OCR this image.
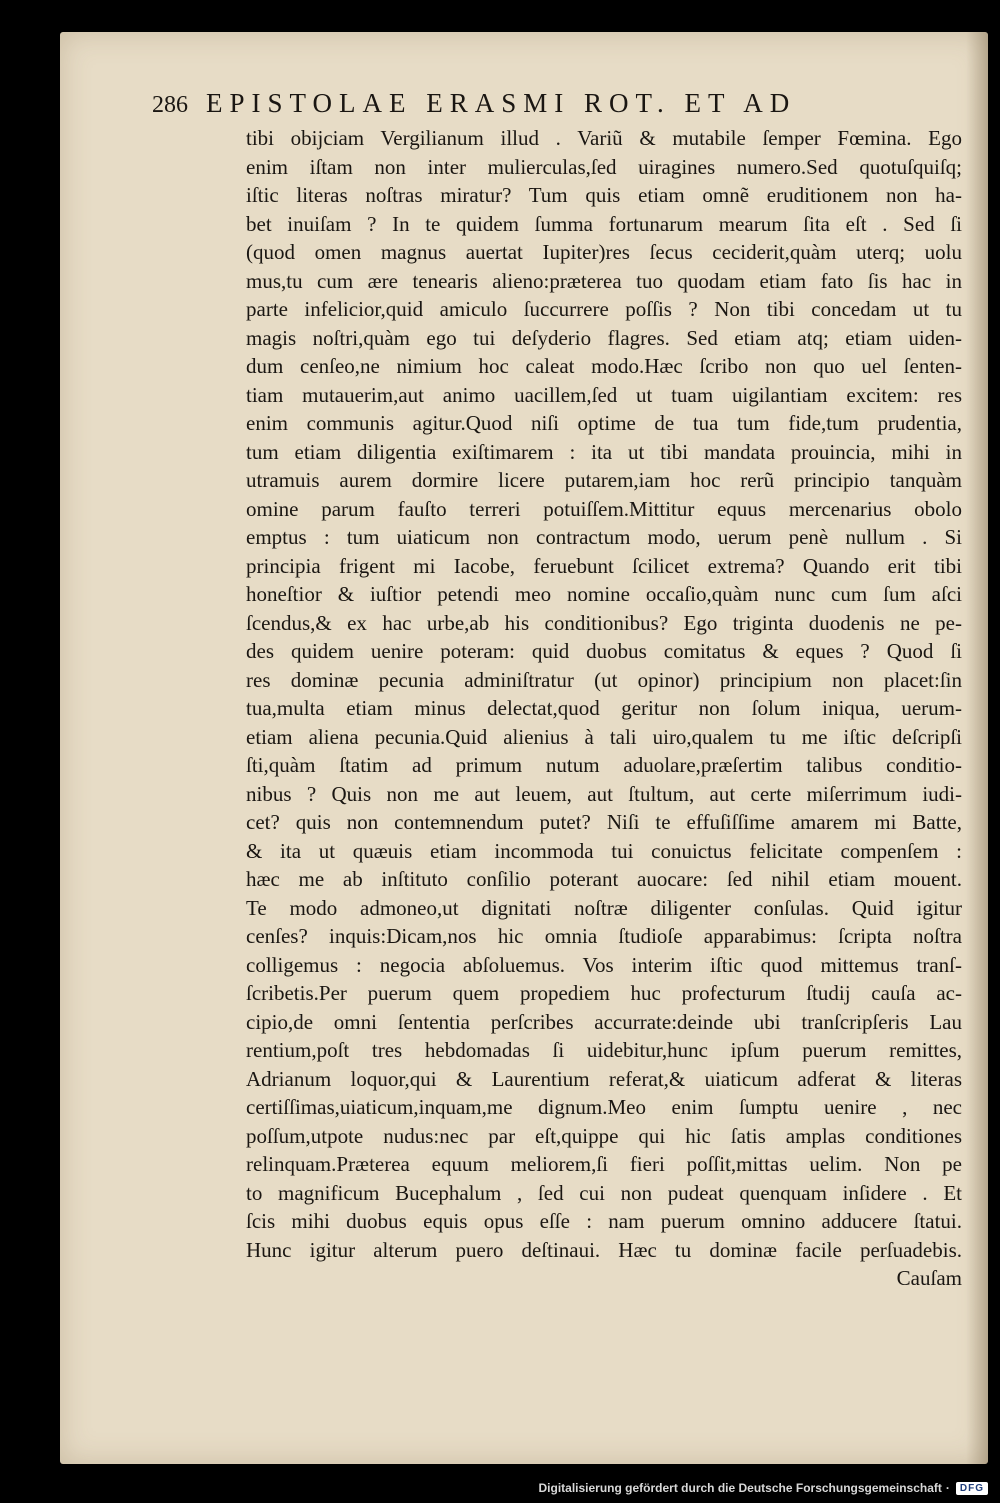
286 EPISTOLAE ERASMI ROT. ET AD
tibi obijciam Vergilianum illud . Variũ & mutabile ſemper Fœmina. Ego
enim iſtam non inter mulierculas,ſed uiragines numero.Sed quotuſquiſq;
iſtic literas noſtras miratur? Tum quis etiam omnẽ eruditionem non ha-
bet inuiſam ? In te quidem ſumma fortunarum mearum ſita eſt . Sed ſi
(quod omen magnus auertat Iupiter)res ſecus ceciderit,quàm uterq; uolu
mus,tu cum ære tenearis alieno:præterea tuo quodam etiam fato ſis hac in
parte infelicior,quid amiculo ſuccurrere poſſis ? Non tibi concedam ut tu
magis noſtri,quàm ego tui deſyderio flagres. Sed etiam atq; etiam uiden-
dum cenſeo,ne nimium hoc caleat modo.Hæc ſcribo non quo uel ſenten-
tiam mutauerim,aut animo uacillem,ſed ut tuam uigilantiam excitem: res
enim communis agitur.Quod niſi optime de tua tum fide,tum prudentia,
tum etiam diligentia exiſtimarem : ita ut tibi mandata prouincia, mihi in
utramuis aurem dormire licere putarem,iam hoc rerũ principio tanquàm
omine parum fauſto terreri potuiſſem.Mittitur equus mercenarius obolo
emptus : tum uiaticum non contractum modo, uerum penè nullum . Si
principia frigent mi Iacobe, feruebunt ſcilicet extrema? Quando erit tibi
honeſtior & iuſtior petendi meo nomine occaſio,quàm nunc cum ſum aſci
ſcendus,& ex hac urbe,ab his conditionibus? Ego triginta duodenis ne pe-
des quidem uenire poteram: quid duobus comitatus & eques ? Quod ſi
res dominæ pecunia adminiſtratur (ut opinor) principium non placet:ſin
tua,multa etiam minus delectat,quod geritur non ſolum iniqua, uerum-
etiam aliena pecunia.Quid alienius à tali uiro,qualem tu me iſtic deſcripſi
ſti,quàm ſtatim ad primum nutum aduolare,præſertim talibus conditio-
nibus ? Quis non me aut leuem, aut ſtultum, aut certe miſerrimum iudi-
cet? quis non contemnendum putet? Niſi te effuſiſſime amarem mi Batte,
& ita ut quæuis etiam incommoda tui conuictus felicitate compenſem :
hæc me ab inſtituto conſilio poterant auocare: ſed nihil etiam mouent.
Te modo admoneo,ut dignitati noſtræ diligenter conſulas. Quid igitur
cenſes? inquis:Dicam,nos hic omnia ſtudioſe apparabimus: ſcripta noſtra
colligemus : negocia abſoluemus. Vos interim iſtic quod mittemus tranſ-
ſcribetis.Per puerum quem propediem huc profecturum ſtudij cauſa ac-
cipio,de omni ſententia perſcribes accurrate:deinde ubi tranſcripſeris Lau
rentium,poſt tres hebdomadas ſi uidebitur,hunc ipſum puerum remittes,
Adrianum loquor,qui & Laurentium referat,& uiaticum adferat & literas
certiſſimas,uiaticum,inquam,me dignum.Meo enim ſumptu uenire , nec
poſſum,utpote nudus:nec par eſt,quippe qui hic ſatis amplas conditiones
relinquam.Præterea equum meliorem,ſi fieri poſſit,mittas uelim. Non pe
to magnificum Bucephalum , ſed cui non pudeat quenquam inſidere . Et
ſcis mihi duobus equis opus eſſe : nam puerum omnino adducere ſtatui.
Hunc igitur alterum puero deſtinaui. Hæc tu dominæ facile perſuadebis.
Cauſam
Digitalisierung gefördert durch die Deutsche Forschungsgemeinschaft ·	DFG
